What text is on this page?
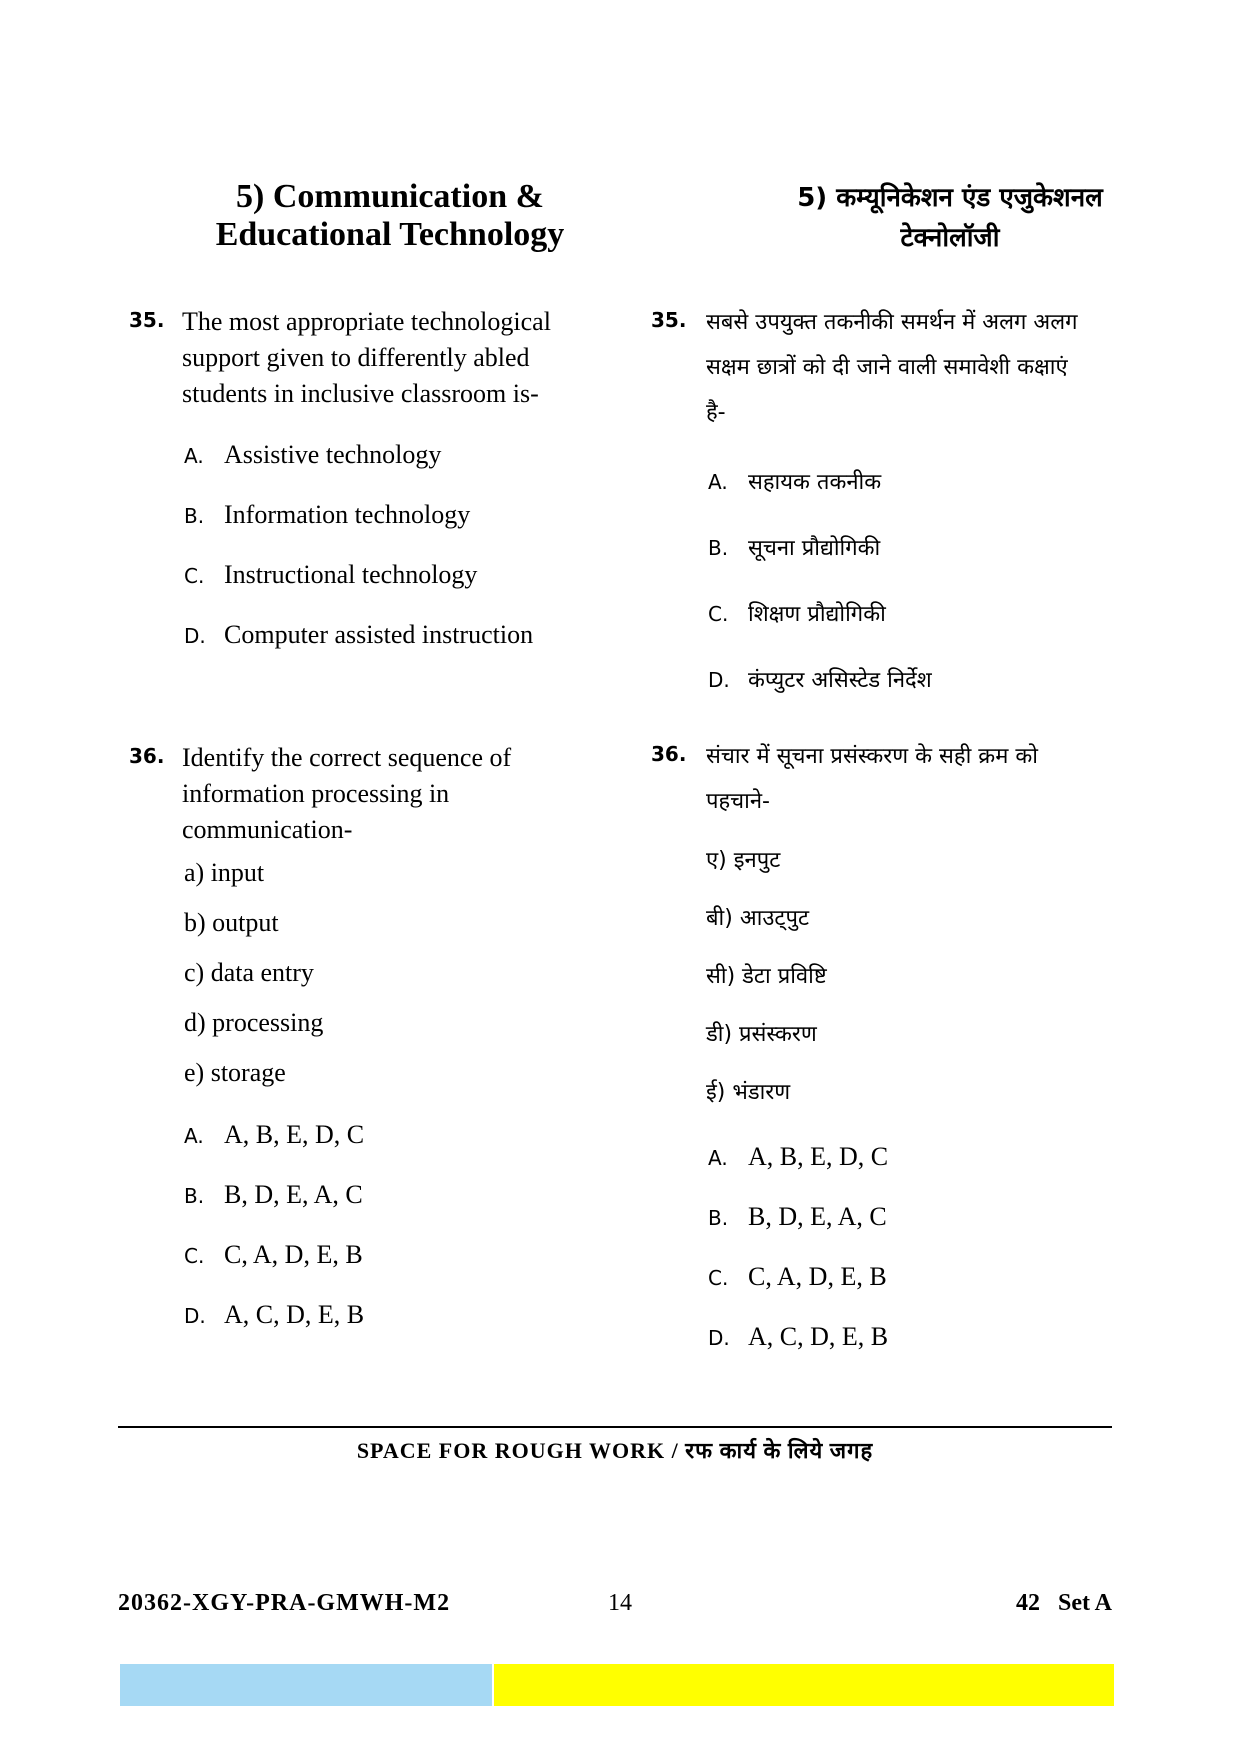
5) Communication &
Educational Technology
5) कम्यूनिकेशन एंड एजुकेशनल
टेक्नोलॉजी
35. The most appropriate technological
support given to differently abled
students in inclusive classroom is-
A. Assistive technology
B. Information technology
C. Instructional technology
D. Computer assisted instruction
35. सबसे उपयुक्त तकनीकी समर्थन में अलग अलग
सक्षम छात्रों को दी जाने वाली समावेशी कक्षाएं
है-
A. सहायक तकनीक
B. सूचना प्रौद्योगिकी
C. शिक्षण प्रौद्योगिकी
D. कंप्युटर असिस्टेड निर्देश
36. Identify the correct sequence of
information processing in
communication-
a) input
b) output
c) data entry
d) processing
e) storage
A. A, B, E, D, C
B. B, D, E, A, C
C. C, A, D, E, B
D. A, C, D, E, B
36. संचार में सूचना प्रसंस्करण के सही क्रम को
पहचाने-
ए) इनपुट
बी) आउट्पुट
सी) डेटा प्रविष्टि
डी) प्रसंस्करण
ई) भंडारण
A. A, B, E, D, C
B. B, D, E, A, C
C. C, A, D, E, B
D. A, C, D, E, B
SPACE FOR ROUGH WORK / रफ कार्य के लिये जगह
20362-XGY-PRA-GMWH-M2	14	42   Set A
